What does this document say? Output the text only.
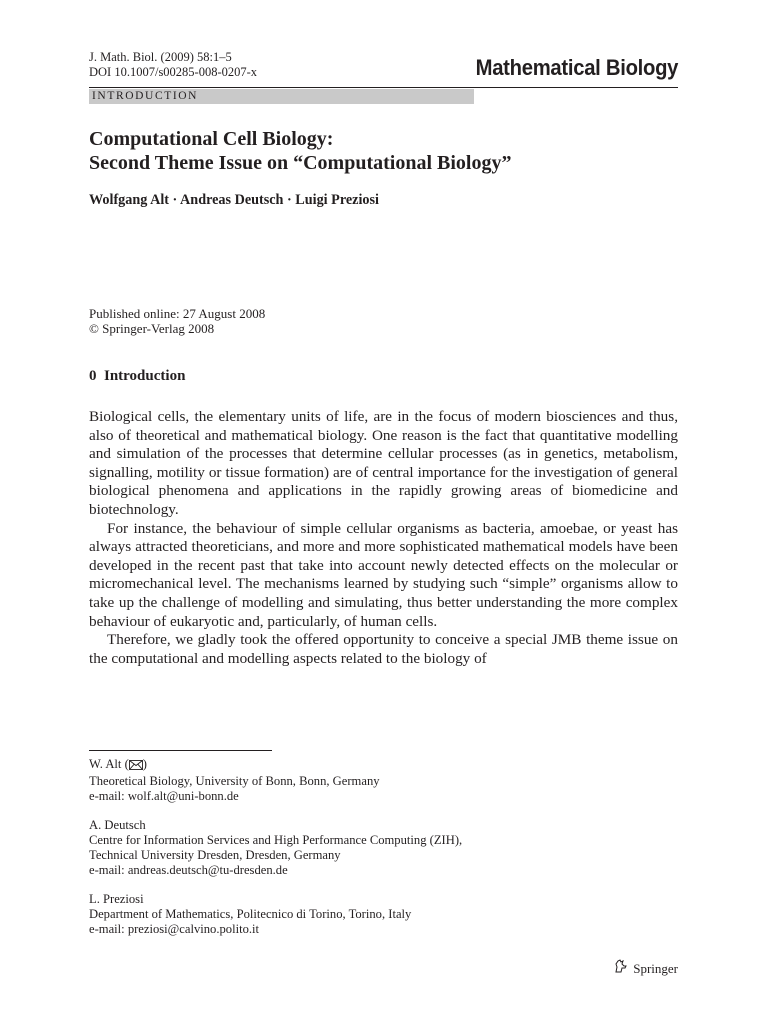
J. Math. Biol. (2009) 58:1–5
DOI 10.1007/s00285-008-0207-x	Mathematical Biology
INTRODUCTION
Computational Cell Biology:
Second Theme Issue on “Computational Biology”
Wolfgang Alt · Andreas Deutsch · Luigi Preziosi
Published online: 27 August 2008
© Springer-Verlag 2008
0 Introduction

Biological cells, the elementary units of life, are in the focus of modern biosciences and thus, also of theoretical and mathematical biology. One reason is the fact that quantitative modelling and simulation of the processes that determine cellular processes (as in genetics, metabolism, signalling, motility or tissue formation) are of central importance for the investigation of general biological phenomena and applications in the rapidly growing areas of biomedicine and biotechnology.

For instance, the behaviour of simple cellular organisms as bacteria, amoebae, or yeast has always attracted theoreticians, and more and more sophisticated mathematical models have been developed in the recent past that take into account newly detected effects on the molecular or micromechanical level. The mechanisms learned by studying such “simple” organisms allow to take up the challenge of modelling and simulating, thus better understanding the more complex behaviour of eukaryotic and, particularly, of human cells.

Therefore, we gladly took the offered opportunity to conceive a special JMB theme issue on the computational and modelling aspects related to the biology of

W. Alt ( )
Theoretical Biology, University of Bonn, Bonn, Germany
e-mail: wolf.alt@uni-bonn.de
A. Deutsch
Centre for Information Services and High Performance Computing (ZIH),
Technical University Dresden, Dresden, Germany
e-mail: andreas.deutsch@tu-dresden.de
L. Preziosi
Department of Mathematics, Politecnico di Torino, Torino, Italy
e-mail: preziosi@calvino.polito.it
Springer
